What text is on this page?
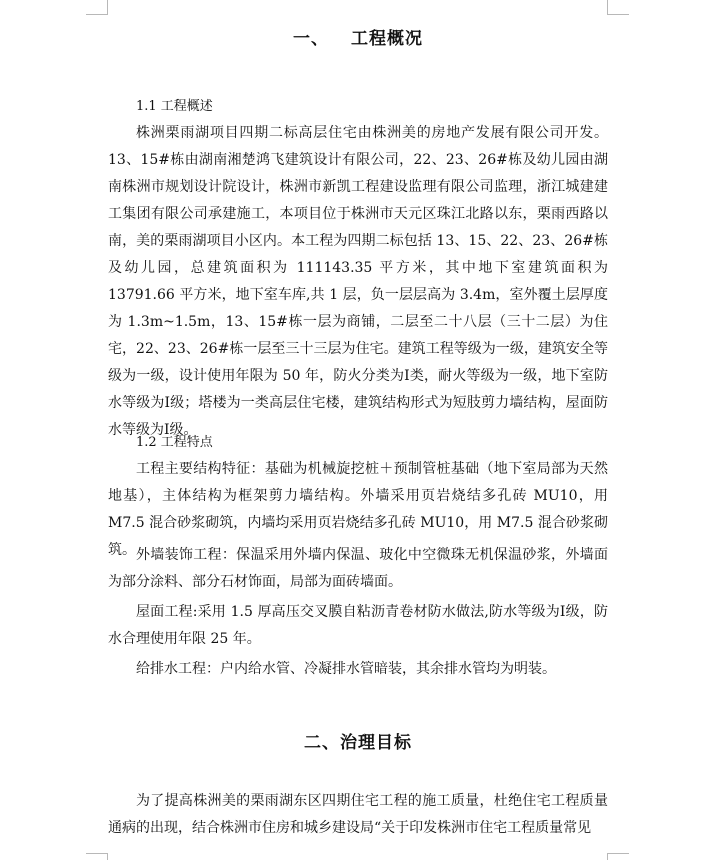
一、 工程概况
1.1 工程概述

株洲栗雨湖项目四期二标高层住宅由株洲美的房地产发展有限公司开发。13、15#栋由湖南湘楚鸿飞建筑设计有限公司，22、23、26#栋及幼儿园由湖南株洲市规划设计院设计，株洲市新凯工程建设监理有限公司监理，浙江城建建工集团有限公司承建施工，本项目位于株洲市天元区珠江北路以东，栗雨西路以南，美的栗雨湖项目小区内。本工程为四期二标包括 13、15、22、23、26#栋及幼儿园，总建筑面积为 111143.35 平方米，其中地下室建筑面积为 13791.66 平方米，地下室车库,共 1 层，负一层层高为 3.4m，室外覆土层厚度为 1.3m~1.5m，13、15#栋一层为商铺，二层至二十八层（三十二层）为住宅，22、23、26#栋一层至三十三层为住宅。建筑工程等级为一级，建筑安全等级为一级，设计使用年限为 50 年，防火分类为Ⅰ类，耐火等级为一级，地下室防水等级为Ⅰ级；塔楼为一类高层住宅楼，建筑结构形式为短肢剪力墙结构，屋面防水等级为Ⅰ级。

1.2 工程特点

工程主要结构特征：基础为机械旋挖桩＋预制管桩基础（地下室局部为天然地基），主体结构为框架剪力墙结构。外墙采用页岩烧结多孔砖 MU10，用 M7.5 混合砂浆砌筑，内墙均采用页岩烧结多孔砖 MU10，用 M7.5 混合砂浆砌筑。 外墙装饰工程：保温采用外墙内保温、玻化中空微珠无机保温砂浆，外墙面为部分涂料、部分石材饰面，局部为面砖墙面。

屋面工程:采用 1.5 厚高压交叉膜自粘沥青卷材防水做法,防水等级为Ⅰ级，防水合理使用年限 25 年。

给排水工程：户内给水管、冷凝排水管暗装，其余排水管均为明装。

二、治理目标

为了提高株洲美的栗雨湖东区四期住宅工程的施工质量，杜绝住宅工程质量通病的出现，结合株洲市住房和城乡建设局“关于印发株洲市住宅工程质量常见
